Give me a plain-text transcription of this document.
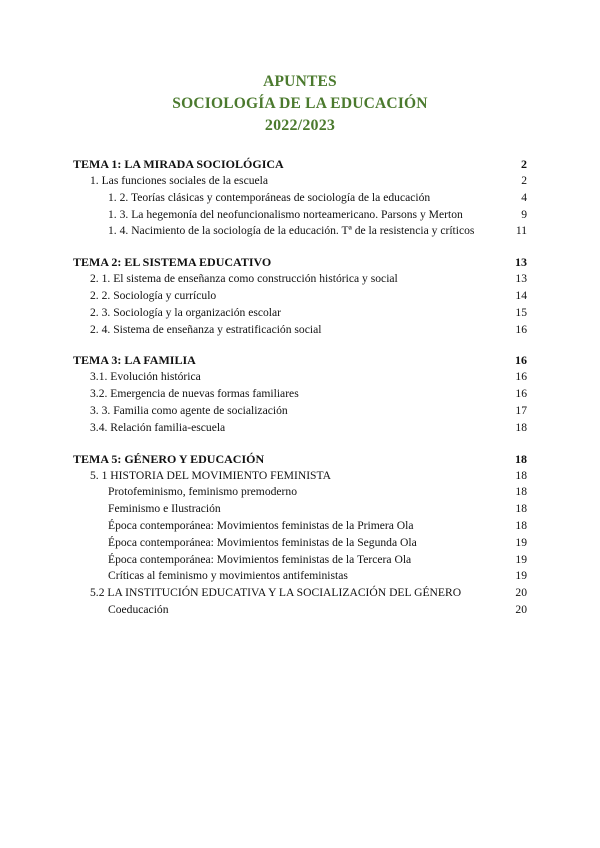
APUNTES
SOCIOLOGÍA DE LA EDUCACIÓN
2022/2023
TEMA 1: LA MIRADA SOCIOLÓGICA	2
1. Las funciones sociales de la escuela	2
1. 2. Teorías clásicas y contemporáneas de sociología de la educación	4
1. 3. La hegemonía del neofuncionalismo norteamericano. Parsons y Merton	9
1. 4. Nacimiento de la sociología de la educación. Tª de la resistencia y críticos	11
TEMA 2: EL SISTEMA EDUCATIVO	13
2. 1. El sistema de enseñanza como construcción histórica y social	13
2. 2. Sociología y currículo	14
2. 3. Sociología y la organización escolar	15
2. 4. Sistema de enseñanza y estratificación social	16
TEMA 3: LA FAMILIA	16
3.1. Evolución histórica	16
3.2. Emergencia de nuevas formas familiares	16
3. 3. Familia como agente de socialización	17
3.4. Relación familia-escuela	18
TEMA 5: GÉNERO Y EDUCACIÓN	18
5. 1 HISTORIA DEL MOVIMIENTO FEMINISTA	18
Protofeminismo, feminismo premoderno	18
Feminismo e Ilustración	18
Época contemporánea: Movimientos feministas de la Primera Ola	18
Época contemporánea: Movimientos feministas de la Segunda Ola	19
Época contemporánea: Movimientos feministas de la Tercera Ola	19
Críticas al feminismo y movimientos antifeministas	19
5.2 LA INSTITUCIÓN EDUCATIVA Y LA SOCIALIZACIÓN DEL GÉNERO	20
Coeducación	20
